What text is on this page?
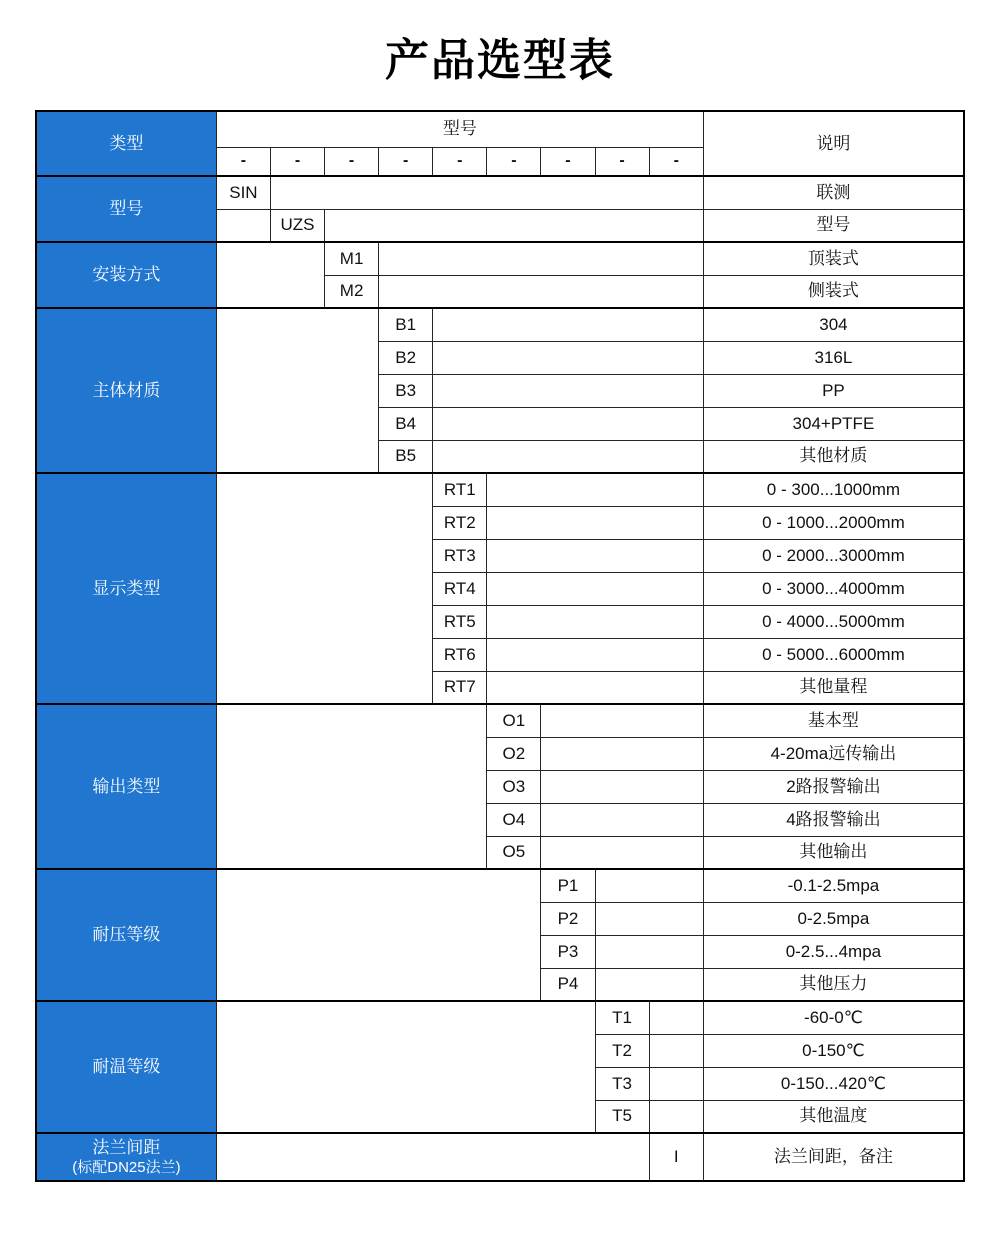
产品选型表
类型	型号									说明
	-	-	-	-	-	-	-	-	-	
型号	SIN									联测
		UZS								型号
安装方式			M1							顶装式
			M2							侧装式
主体材质				B1						304
				B2						316L
				B3						PP
				B4						304+PTFE
				B5						其他材质
显示类型					RT1					0 - 300...1000mm
					RT2					0 - 1000...2000mm
					RT3					0 - 2000...3000mm
					RT4					0 - 3000...4000mm
					RT5					0 - 4000...5000mm
					RT6					0 - 5000...6000mm
					RT7					其他量程
输出类型						O1				基本型
						O2				4-20ma远传输出
						O3				2路报警输出
						O4				4路报警输出
						O5				其他输出
耐压等级							P1			-0.1-2.5mpa
							P2			0-2.5mpa
							P3			0-2.5...4mpa
							P4			其他压力
耐温等级								T1		-60-0℃
								T2		0-150℃
								T3		0-150...420℃
								T5		其他温度

法兰间距
(标配DN25法兰)									I	法兰间距，备注
